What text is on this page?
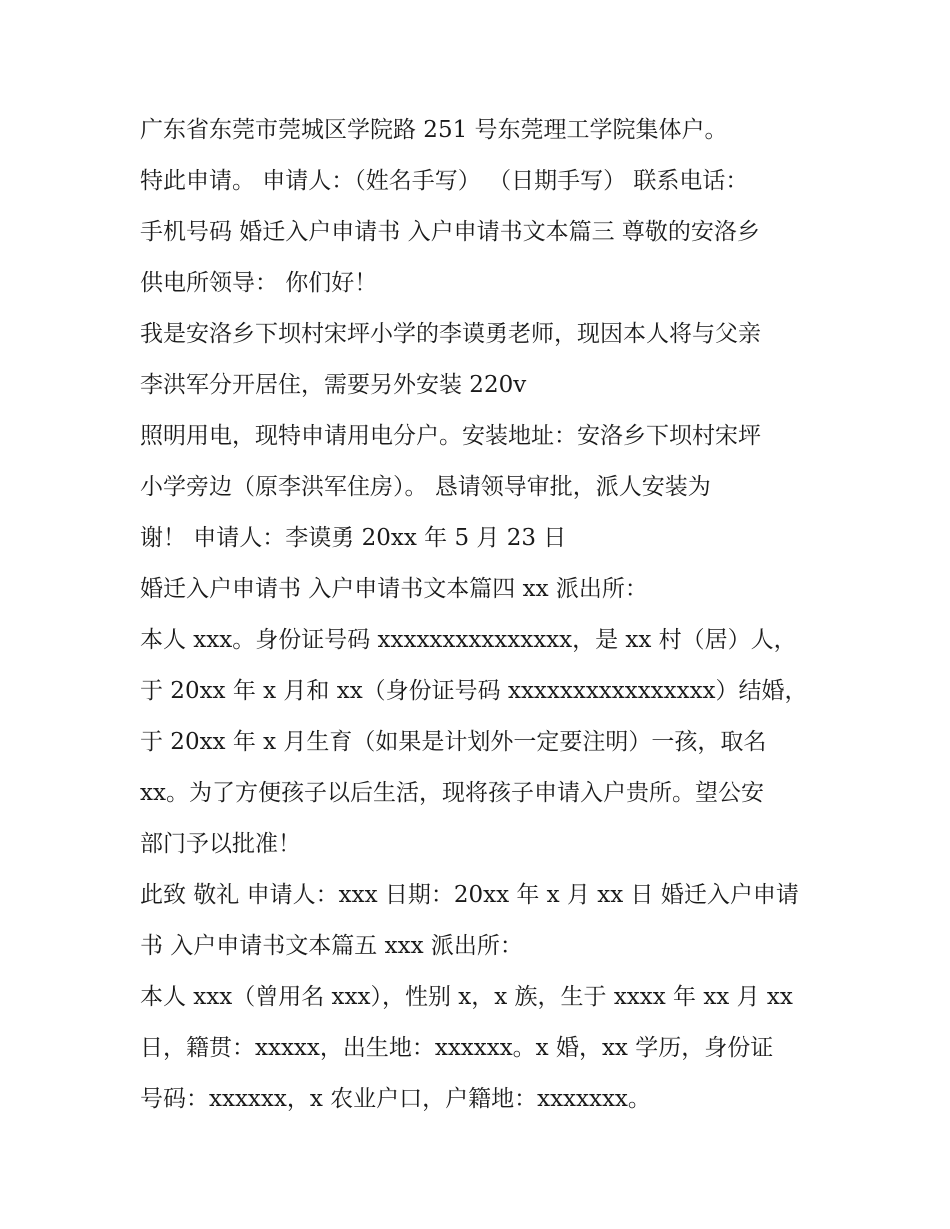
广东省东莞市莞城区学院路 251 号东莞理工学院集体户。
特此申请。 申请人：（姓名手写） （日期手写） 联系电话：
手机号码 婚迁入户申请书 入户申请书文本篇三 尊敬的安洛乡
供电所领导： 你们好！
我是安洛乡下坝村宋坪小学的李谟勇老师，现因本人将与父亲
李洪军分开居住，需要另外安装 220v
照明用电，现特申请用电分户。安装地址：安洛乡下坝村宋坪
小学旁边（原李洪军住房）。 恳请领导审批，派人安装为
谢！ 申请人：李谟勇 20xx 年 5 月 23 日
婚迁入户申请书 入户申请书文本篇四 xx 派出所：
本人 xxx。身份证号码 xxxxxxxxxxxxxxx，是 xx 村（居）人，
于 20xx 年 x 月和 xx（身份证号码 xxxxxxxxxxxxxxxx）结婚，
于 20xx 年 x 月生育（如果是计划外一定要注明）一孩，取名
xx。为了方便孩子以后生活，现将孩子申请入户贵所。望公安
部门予以批准！
此致 敬礼 申请人：xxx 日期：20xx 年 x 月 xx 日 婚迁入户申请
书 入户申请书文本篇五 xxx 派出所：
本人 xxx（曾用名 xxx），性别 x，x 族，生于 xxxx 年 xx 月 xx
日，籍贯：xxxxx，出生地：xxxxxx。x 婚，xx 学历，身份证
号码：xxxxxx，x 农业户口，户籍地：xxxxxxx。
